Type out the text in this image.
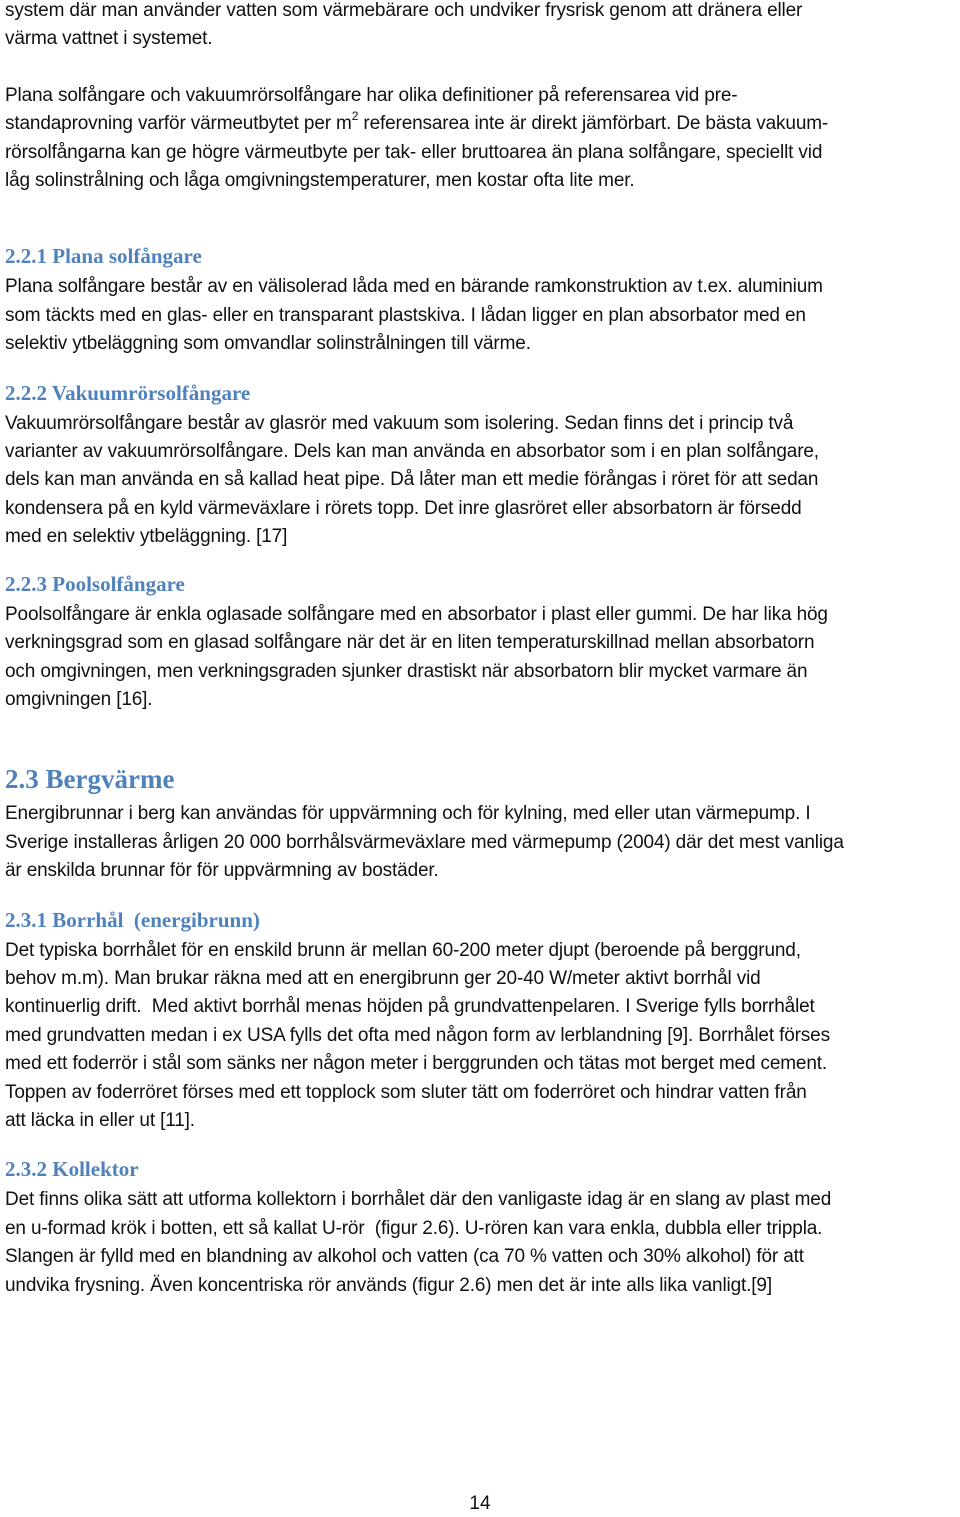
system där man använder vatten som värmebärare och undviker frysrisk genom att dränera eller
värma vattnet i systemet.

Plana solfångare och vakuumrörsolfångare har olika definitioner på referensarea vid pre-
standaprovning varför värmeutbytet per $m^2$ referensarea inte är direkt jämförbart. De bästa vakuum-
rörsolfångarna kan ge högre värmeutbyte per tak- eller bruttoarea än plana solfångare, speciellt vid
låg solinstrålning och låga omgivningstemperaturer, men kostar ofta lite mer.

2.2.1 Plana solfångare

Plana solfångare består av en välisolerad låda med en bärande ramkonstruktion av t.ex. aluminium
som täckts med en glas- eller en transparant plastskiva. I lådan ligger en plan absorbator med en
selektiv ytbeläggning som omvandlar solinstrålningen till värme.

2.2.2 Vakuumrörsolfångare

Vakuumrörsolfångare består av glasrör med vakuum som isolering. Sedan finns det i princip två
varianter av vakuumrörsolfångare. Dels kan man använda en absorbator som i en plan solfångare,
dels kan man använda en så kallad heat pipe. Då låter man ett medie förångas i röret för att sedan
kondensera på en kyld värmeväxlare i rörets topp. Det inre glasröret eller absorbatorn är försedd
med en selektiv ytbeläggning. [17]

2.2.3 Poolsolfångare

Poolsolfångare är enkla oglasade solfångare med en absorbator i plast eller gummi. De har lika hög
verkningsgrad som en glasad solfångare när det är en liten temperaturskillnad mellan absorbatorn
och omgivningen, men verkningsgraden sjunker drastiskt när absorbatorn blir mycket varmare än
omgivningen [16].

2.3 Bergvärme

Energibrunnar i berg kan användas för uppvärmning och för kylning, med eller utan värmepump. I
Sverige installeras årligen 20 000 borrhålsvärmeväxlare med värmepump (2004) där det mest vanliga
är enskilda brunnar för för uppvärmning av bostäder.

2.3.1 Borrhål  (energibrunn)

Det typiska borrhålet för en enskild brunn är mellan 60-200 meter djupt (beroende på berggrund,
behov m.m). Man brukar räkna med att en energibrunn ger 20-40 W/meter aktivt borrhål vid
kontinuerlig drift.  Med aktivt borrhål menas höjden på grundvattenpelaren. I Sverige fylls borrhålet
med grundvatten medan i ex USA fylls det ofta med någon form av lerblandning [9]. Borrhålet förses
med ett foderrör i stål som sänks ner någon meter i berggrunden och tätas mot berget med cement.
Toppen av foderröret förses med ett topplock som sluter tätt om foderröret och hindrar vatten från
att läcka in eller ut [11].

2.3.2 Kollektor

Det finns olika sätt att utforma kollektorn i borrhålet där den vanligaste idag är en slang av plast med
en u-formad krök i botten, ett så kallat U-rör  (figur 2.6). U-rören kan vara enkla, dubbla eller trippla.
Slangen är fylld med en blandning av alkohol och vatten (ca 70 % vatten och 30% alkohol) för att
undvika frysning. Även koncentriska rör används (figur 2.6) men det är inte alls lika vanligt.[9]

14
